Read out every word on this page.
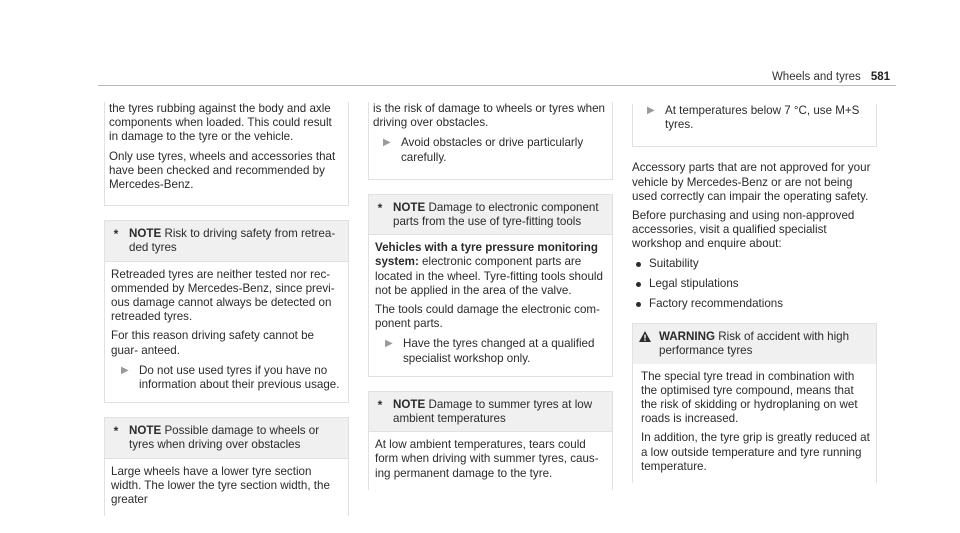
Wheels and tyres 581

the tyres rubbing against the body and axle components when loaded. This could result in damage to the tyre or the vehicle.

Only use tyres, wheels and accessories that have been checked and recommended by Mercedes-Benz.

* NOTE Risk to driving safety from retrea- ded tyres

Retreaded tyres are neither tested nor rec- ommended by Mercedes-Benz, since previ- ous damage cannot always be detected on retreaded tyres.

For this reason driving safety cannot be guar- anteed.

▶ Do not use used tyres if you have no information about their previous usage.
* NOTE Possible damage to wheels or tyres when driving over obstacles

Large wheels have a lower tyre section width. The lower the tyre section width, the greater

is the risk of damage to wheels or tyres when driving over obstacles.

▶ Avoid obstacles or drive particularly carefully.
* NOTE Damage to electronic component parts from the use of tyre-fitting tools

Vehicles with a tyre pressure monitoring system: electronic component parts are located in the wheel. Tyre-fitting tools should not be applied in the area of the valve.

The tools could damage the electronic com- ponent parts.

▶ Have the tyres changed at a qualified specialist workshop only.
* NOTE Damage to summer tyres at low ambient temperatures

At low ambient temperatures, tears could form when driving with summer tyres, caus- ing permanent damage to the tyre.

▶ At temperatures below 7 °C, use M+S tyres.

Accessory parts that are not approved for your vehicle by Mercedes-Benz or are not being used correctly can impair the operating safety.

Before purchasing and using non-approved accessories, visit a qualified specialist workshop and enquire about:

Suitability
Legal stipulations
Factory recommendations
WARNING Risk of accident with high performance tyres

The special tyre tread in combination with the optimised tyre compound, means that the risk of skidding or hydroplaning on wet roads is increased.

In addition, the tyre grip is greatly reduced at a low outside temperature and tyre running temperature.
